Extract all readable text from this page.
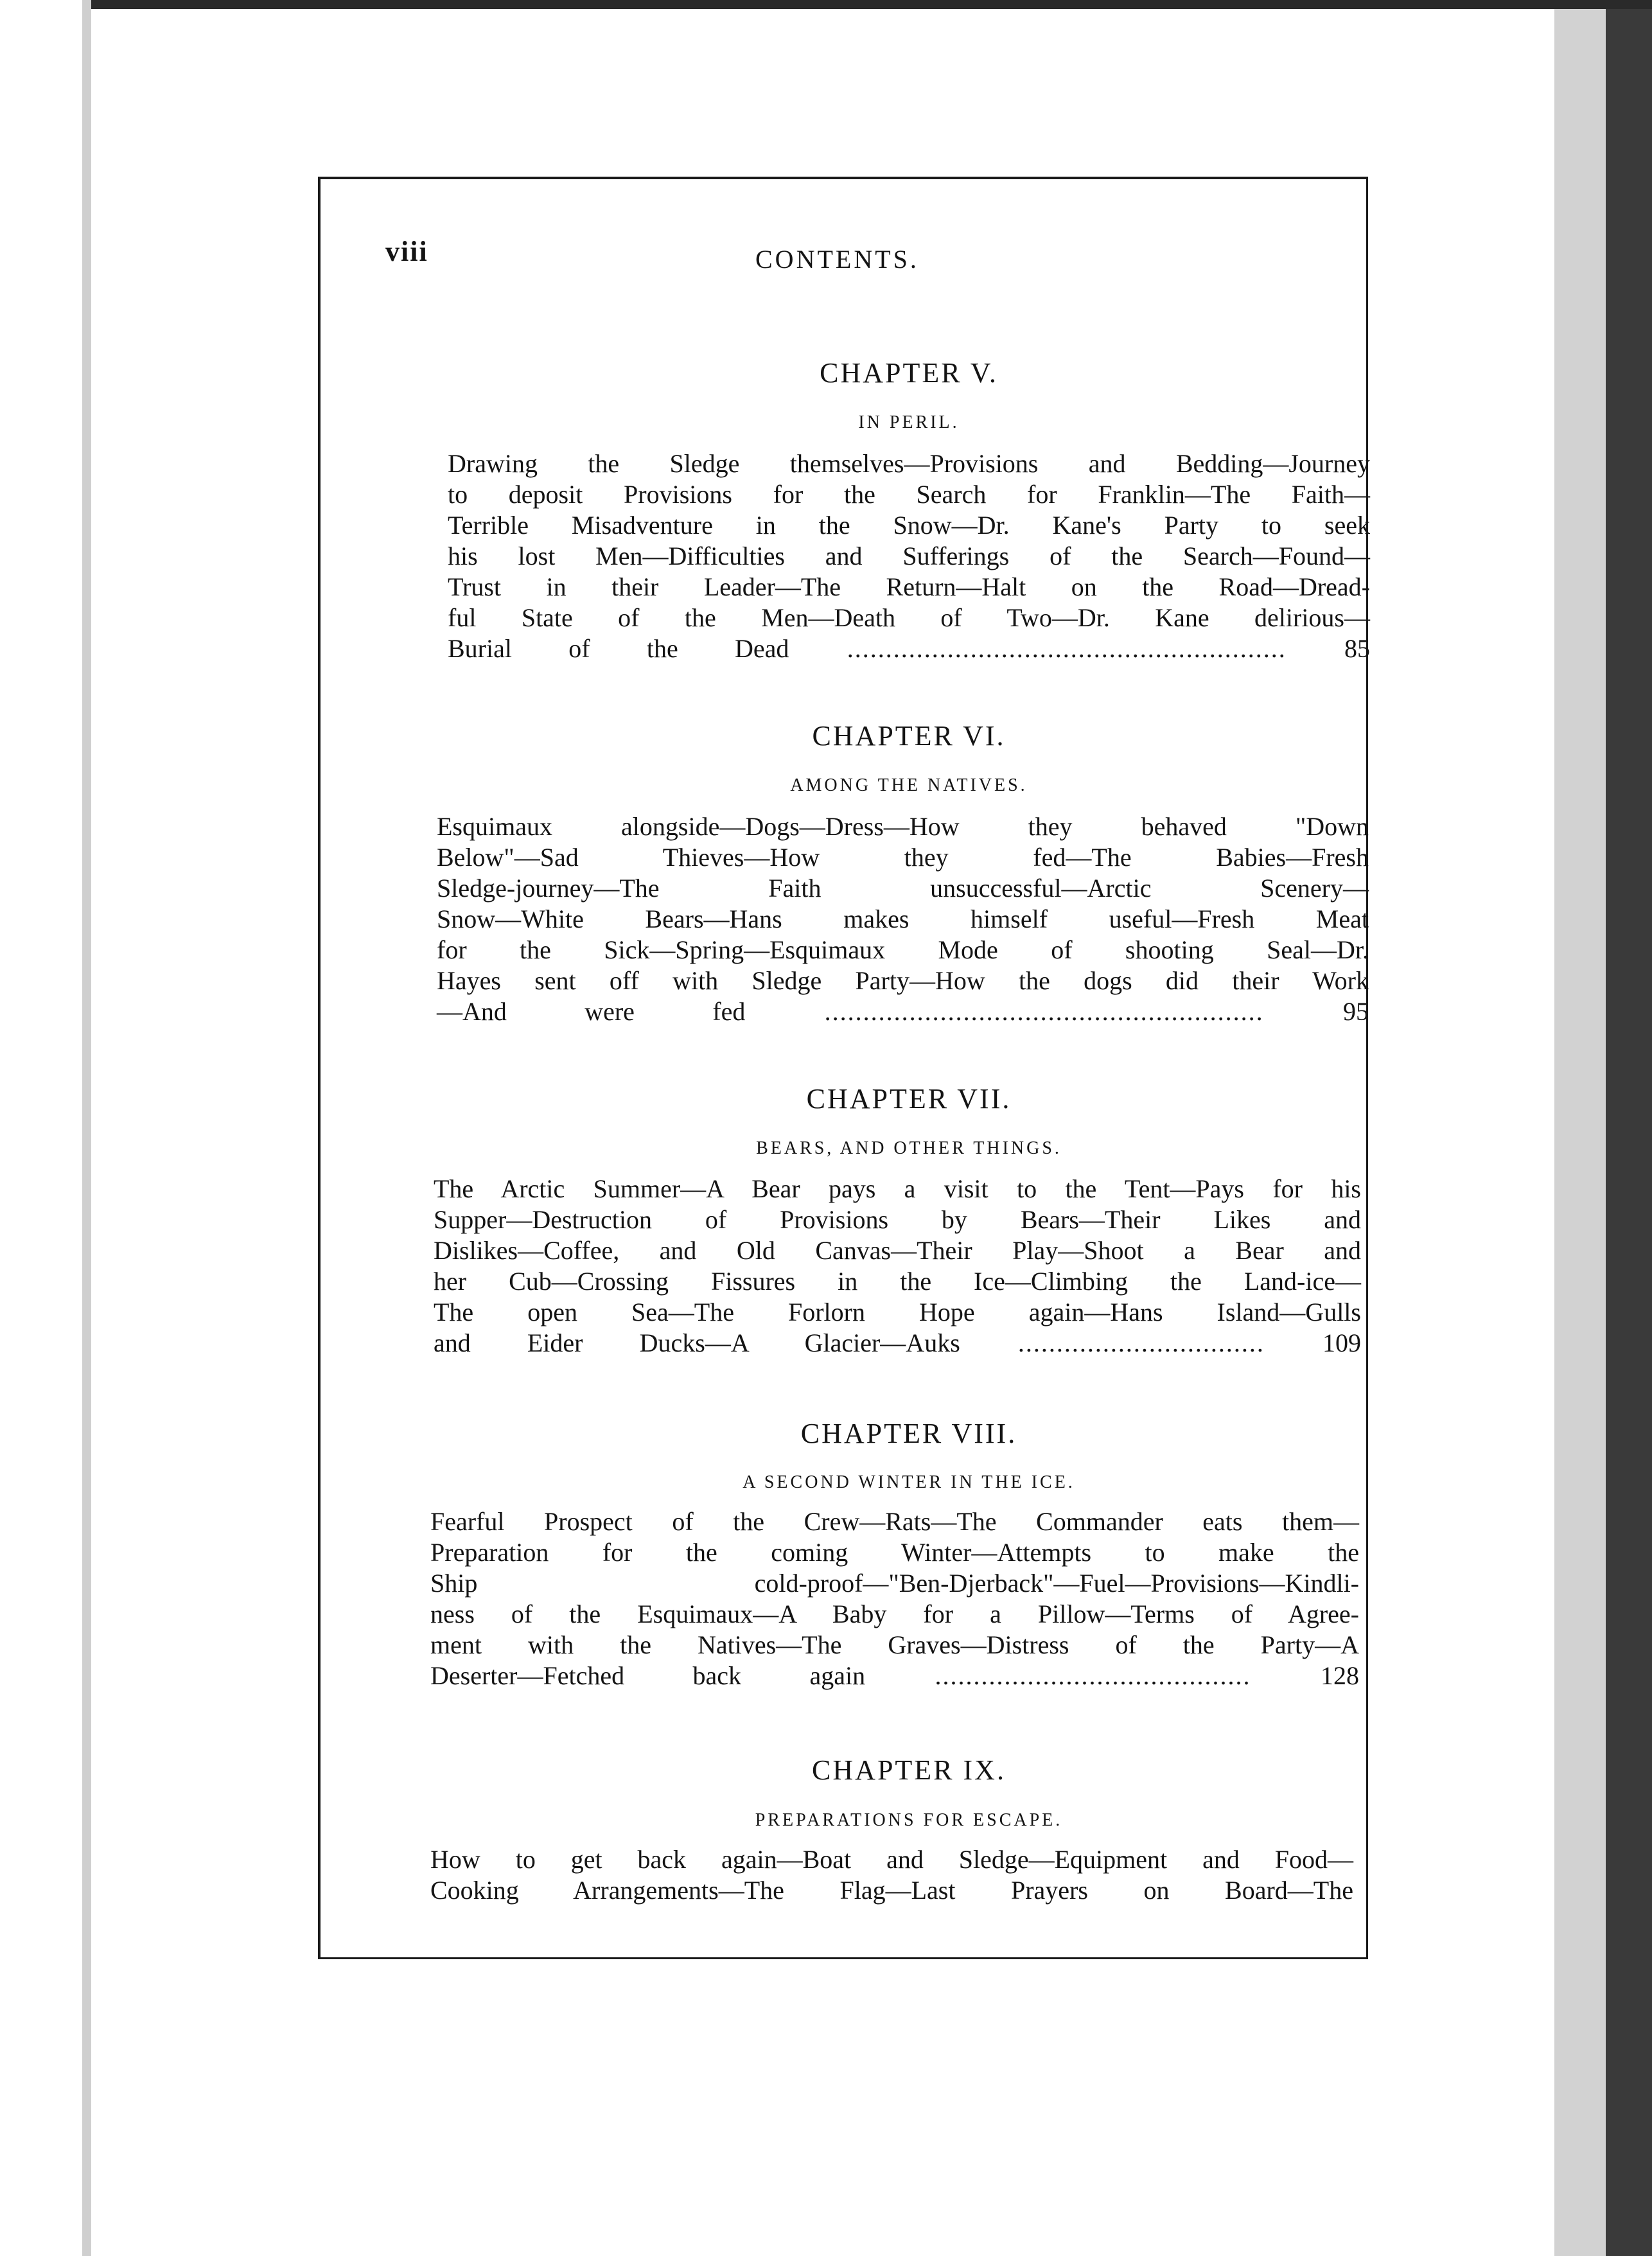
viii	CONTENTS.
CHAPTER V.
IN PERIL.

Drawing the Sledge themselves—Provisions and Bedding—Journey

to deposit Provisions for the Search for Franklin—The Faith—

Terrible Misadventure in the Snow—Dr. Kane's Party to seek

his lost Men—Difficulties and Sufferings of the Search—Found—

Trust in their Leader—The Return—Halt on the Road—Dread-

ful State of the Men—Death of Two—Dr. Kane delirious—

Burial of the Dead ......................................................... 85

CHAPTER VI.
AMONG THE NATIVES.

Esquimaux alongside—Dogs—Dress—How they behaved "Down

Below"—Sad Thieves—How they fed—The Babies—Fresh

Sledge-journey—The Faith unsuccessful—Arctic Scenery—

Snow—White Bears—Hans makes himself useful—Fresh Meat

for the Sick—Spring—Esquimaux Mode of shooting Seal—Dr.

Hayes sent off with Sledge Party—How the dogs did their Work

—And were fed ......................................................... 95

CHAPTER VII.
BEARS, AND OTHER THINGS.

The Arctic Summer—A Bear pays a visit to the Tent—Pays for his

Supper—Destruction of Provisions by Bears—Their Likes and

Dislikes—Coffee, and Old Canvas—Their Play—Shoot a Bear and

her Cub—Crossing Fissures in the Ice—Climbing the Land-ice—

The open Sea—The Forlorn Hope again—Hans Island—Gulls

and Eider Ducks—A Glacier—Auks ................................ 109

CHAPTER VIII.
A SECOND WINTER IN THE ICE.

Fearful Prospect of the Crew—Rats—The Commander eats them—

Preparation for the coming Winter—Attempts to make the

Ship cold-proof—"Ben-Djerback"—Fuel—Provisions—Kindli-

ness of the Esquimaux—A Baby for a Pillow—Terms of Agree-

ment with the Natives—The Graves—Distress of the Party—A

Deserter—Fetched back again ......................................... 128

CHAPTER IX.
PREPARATIONS FOR ESCAPE.

How to get back again—Boat and Sledge—Equipment and Food—

Cooking Arrangements—The Flag—Last Prayers on Board—The
